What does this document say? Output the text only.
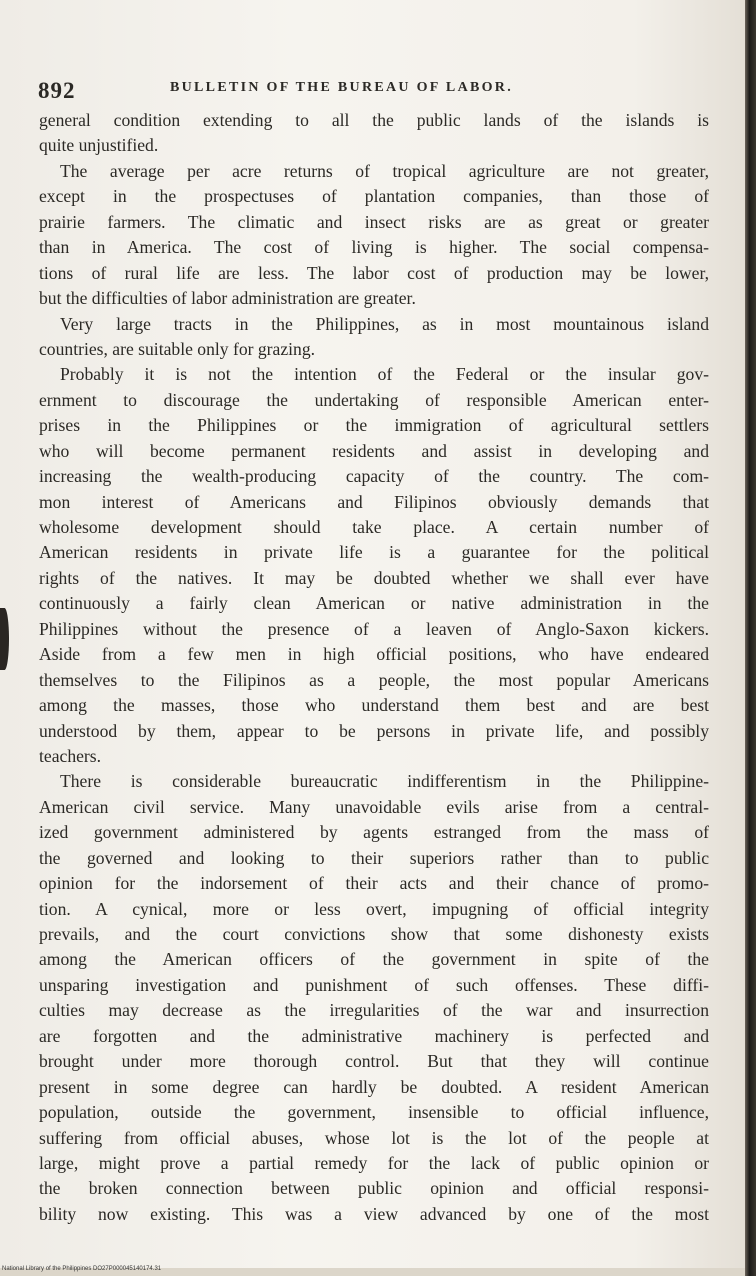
892	BULLETIN OF THE BUREAU OF LABOR.
general condition extending to all the public lands of the islands is
quite unjustified.
The average per acre returns of tropical agriculture are not greater,
except in the prospectuses of plantation companies, than those of
prairie farmers. The climatic and insect risks are as great or greater
than in America. The cost of living is higher. The social compensa-
tions of rural life are less. The labor cost of production may be lower,
but the difficulties of labor administration are greater.
Very large tracts in the Philippines, as in most mountainous island
countries, are suitable only for grazing.
Probably it is not the intention of the Federal or the insular gov-
ernment to discourage the undertaking of responsible American enter-
prises in the Philippines or the immigration of agricultural settlers
who will become permanent residents and assist in developing and
increasing the wealth-producing capacity of the country. The com-
mon interest of Americans and Filipinos obviously demands that
wholesome development should take place. A certain number of
American residents in private life is a guarantee for the political
rights of the natives. It may be doubted whether we shall ever have
continuously a fairly clean American or native administration in the
Philippines without the presence of a leaven of Anglo-Saxon kickers.
Aside from a few men in high official positions, who have endeared
themselves to the Filipinos as a people, the most popular Americans
among the masses, those who understand them best and are best
understood by them, appear to be persons in private life, and possibly
teachers.
There is considerable bureaucratic indifferentism in the Philippine-
American civil service. Many unavoidable evils arise from a central-
ized government administered by agents estranged from the mass of
the governed and looking to their superiors rather than to public
opinion for the indorsement of their acts and their chance of promo-
tion. A cynical, more or less overt, impugning of official integrity
prevails, and the court convictions show that some dishonesty exists
among the American officers of the government in spite of the
unsparing investigation and punishment of such offenses. These diffi-
culties may decrease as the irregularities of the war and insurrection
are forgotten and the administrative machinery is perfected and
brought under more thorough control. But that they will continue
present in some degree can hardly be doubted. A resident American
population, outside the government, insensible to official influence,
suffering from official abuses, whose lot is the lot of the people at
large, might prove a partial remedy for the lack of public opinion or
the broken connection between public opinion and official responsi-
bility now existing. This was a view advanced by one of the most
National Library of the Philippines DO27P000045140174.31
